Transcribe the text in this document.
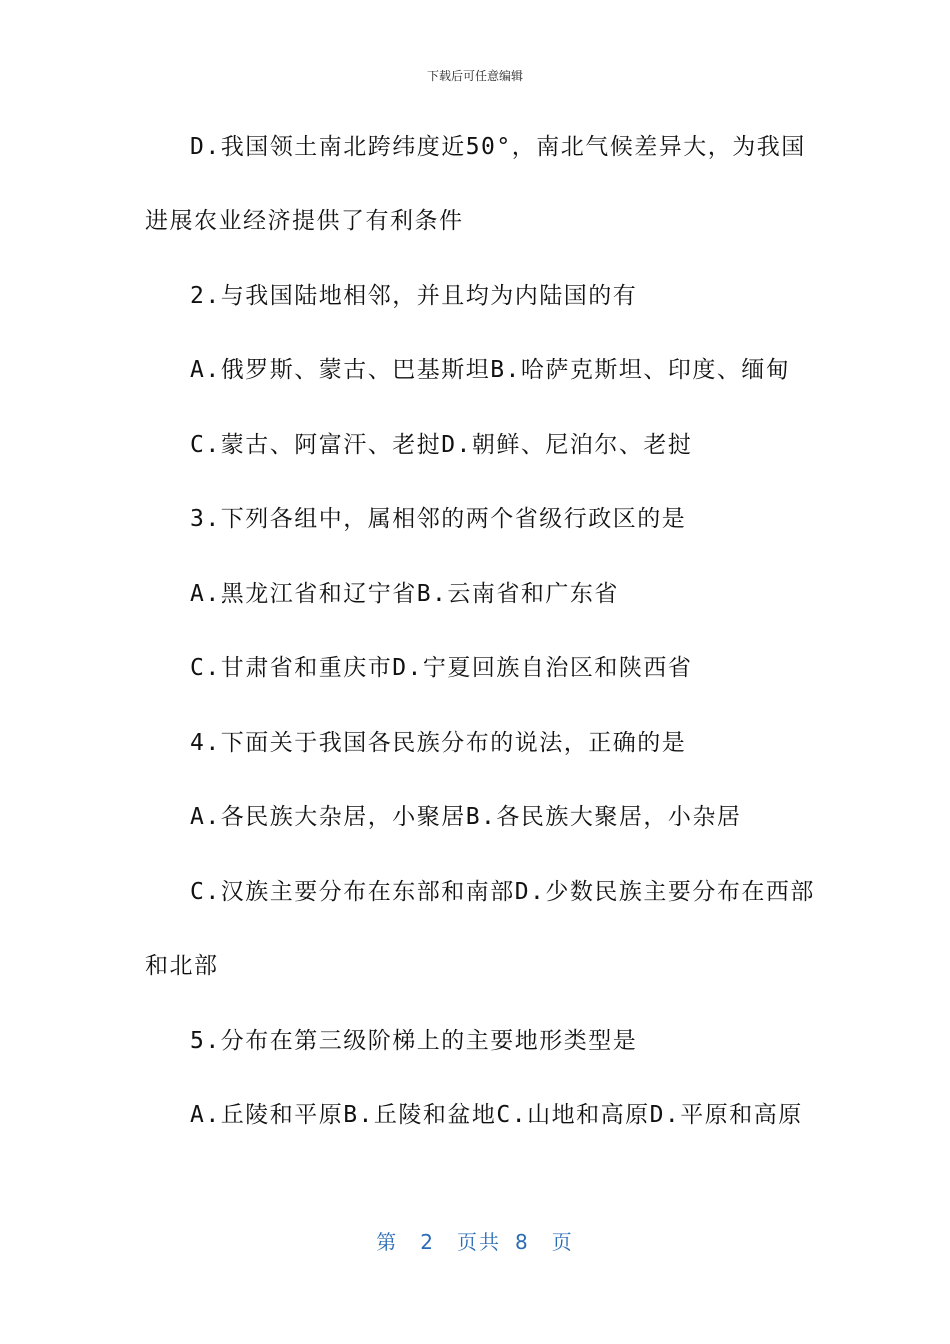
下载后可任意编辑
D.我国领土南北跨纬度近50°，南北气候差异大，为我国
进展农业经济提供了有利条件
2.与我国陆地相邻，并且均为内陆国的有
A.俄罗斯、蒙古、巴基斯坦B.哈萨克斯坦、印度、缅甸
C.蒙古、阿富汗、老挝D.朝鲜、尼泊尔、老挝
3.下列各组中，属相邻的两个省级行政区的是
A.黑龙江省和辽宁省B.云南省和广东省
C.甘肃省和重庆市D.宁夏回族自治区和陕西省
4.下面关于我国各民族分布的说法，正确的是
A.各民族大杂居，小聚居B.各民族大聚居，小杂居
C.汉族主要分布在东部和南部D.少数民族主要分布在西部
和北部
5.分布在第三级阶梯上的主要地形类型是
A.丘陵和平原B.丘陵和盆地C.山地和高原D.平原和高原
第 2 页共 8 页
